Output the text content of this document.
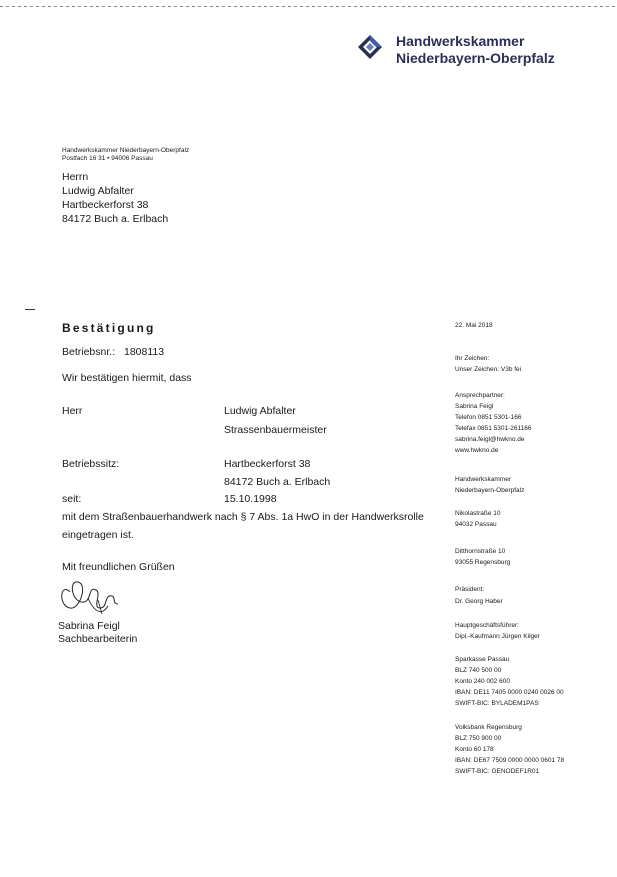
Handwerkskammer
Niederbayern-Oberpfalz
Handwerkskammer Niederbayern-Oberpfalz
Postfach 16 31 • 94006 Passau
Herrn
Ludwig Abfalter
Hartbeckerforst 38
84172 Buch a. Erlbach
Bestätigung
Betriebsnr.: 1808113
Wir bestätigen hiermit, dass
Herr	Ludwig Abfalter
Strassenbauermeister
Betriebssitz:	Hartbeckerforst 38
84172 Buch a. Erlbach
seit:	15.10.1998
mit dem Straßenbauerhandwerk nach § 7 Abs. 1a HwO in der Handwerksrolle
eingetragen ist.
Mit freundlichen Grüßen
Sabrina Feigl
Sachbearbeiterin
22. Mai 2018
Ihr Zeichen:
Unser Zeichen: V3b fei
Ansprechpartner:
Sabrina Feigl
Telefon 0851 5301-166
Telefax 0851 5301-261166
sabrina.feigl@hwkno.de
www.hwkno.de
Handwerkskammer
Niederbayern-Oberpfalz
Nikolastraße 10
94032 Passau
Ditthornstraße 10
93055 Regensburg
Präsident:
Dr. Georg Haber
Hauptgeschäftsführer:
Dipl.-Kaufmann Jürgen Kilger
Sparkasse Passau
BLZ 740 500 00
Konto 240 002 600
IBAN: DE11 7405 0000 0240 0026 00
SWIFT-BIC: BYLADEM1PAS
Volksbank Regensburg
BLZ 750 900 00
Konto 60 178
IBAN: DE67 7509 0000 0000 0601 78
SWIFT-BIC: GENODEF1R01
